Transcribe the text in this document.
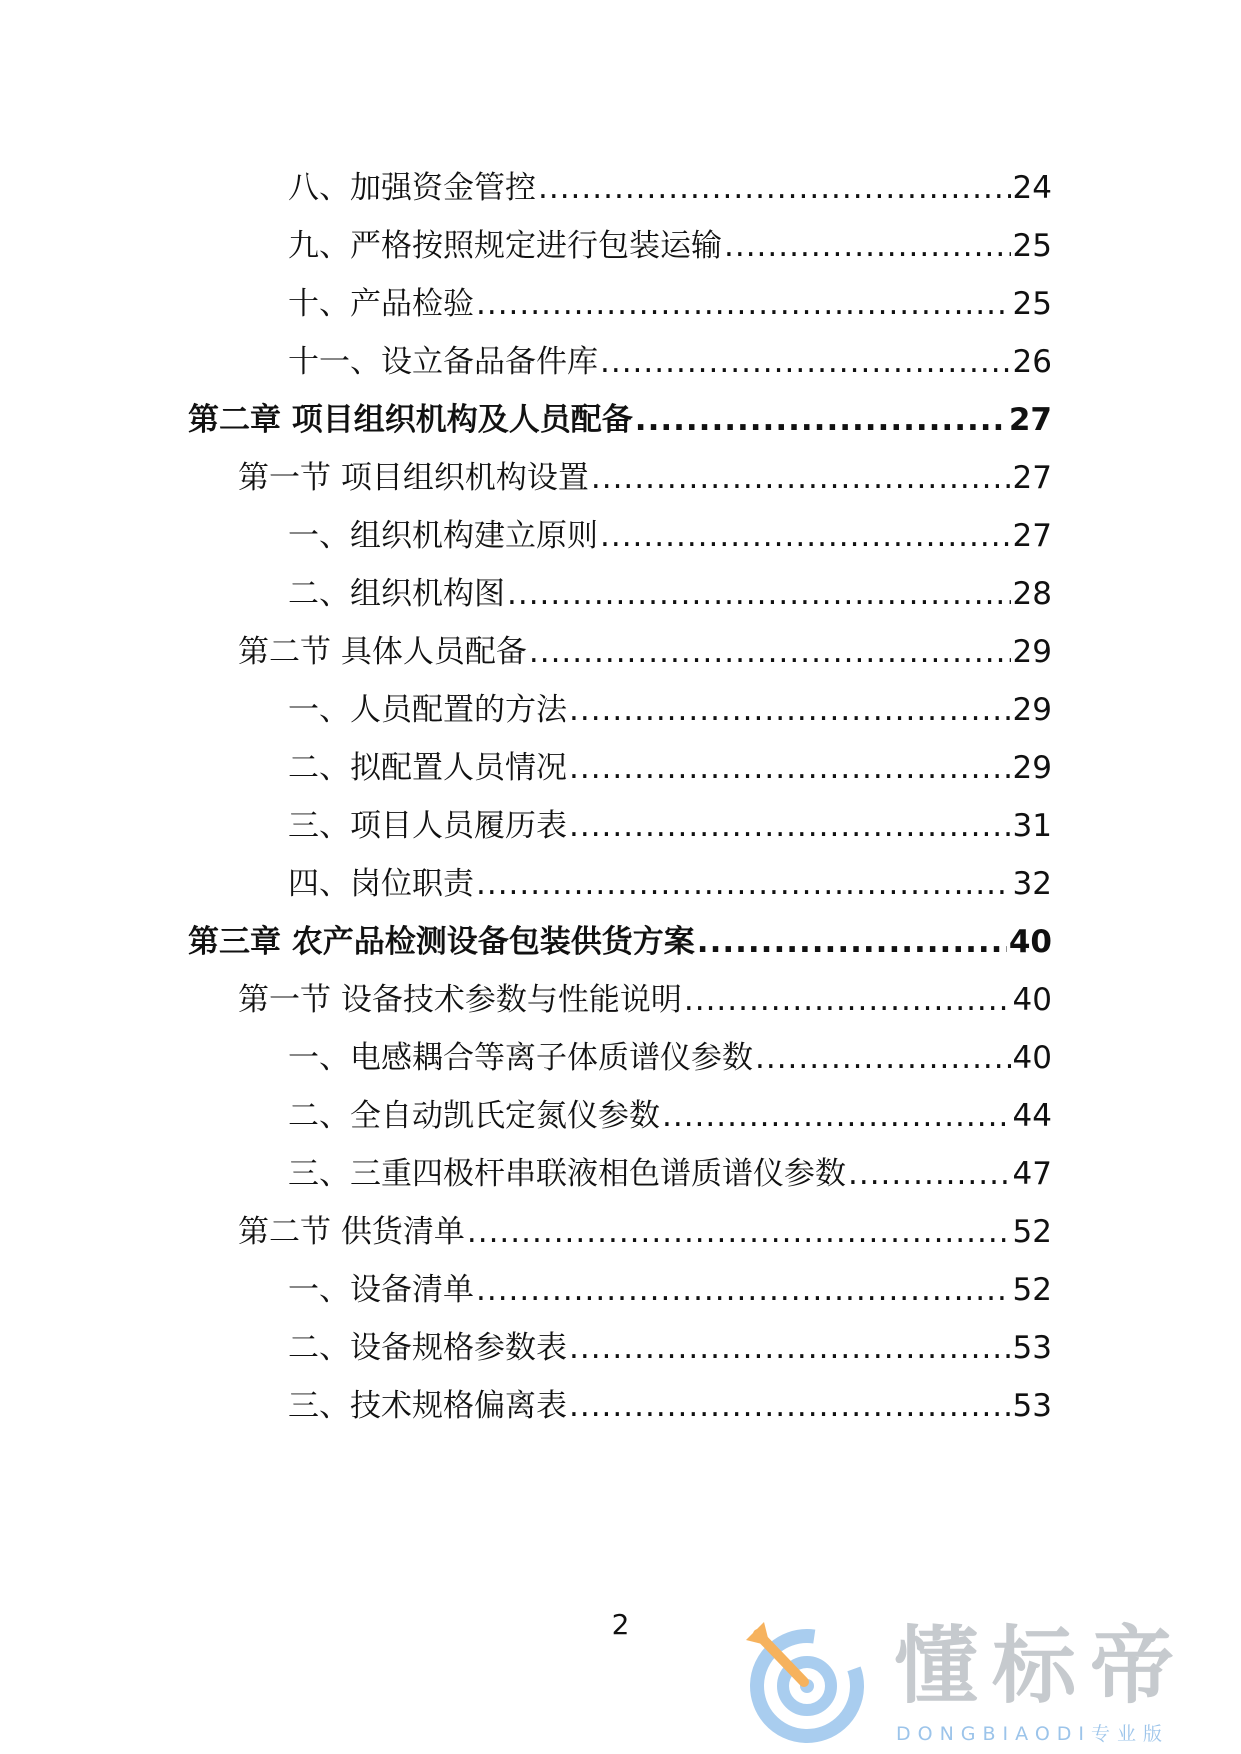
八、加强资金管控 .....	24
九、严格按照规定进行包装运输 .....	25
十、产品检验 .....	25
十一、设立备品备件库 .....	26
第二章 项目组织机构及人员配备 .....	27
第一节 项目组织机构设置 .....	27
一、组织机构建立原则 .....	27
二、组织机构图 .....	28
第二节 具体人员配备 .....	29
一、人员配置的方法 .....	29
二、拟配置人员情况 .....	29
三、项目人员履历表 .....	31
四、岗位职责 .....	32
第三章 农产品检测设备包装供货方案 .....	40
第一节 设备技术参数与性能说明 .....	40
一、电感耦合等离子体质谱仪参数 .....	40
二、全自动凯氏定氮仪参数 .....	44
三、三重四极杆串联液相色谱质谱仪参数 .....	47
第二节 供货清单 .....	52
一、设备清单 .....	52
二、设备规格参数表 .....	53
三、技术规格偏离表 .....	53
2	懂标帝
DONGBIAODI专业版
